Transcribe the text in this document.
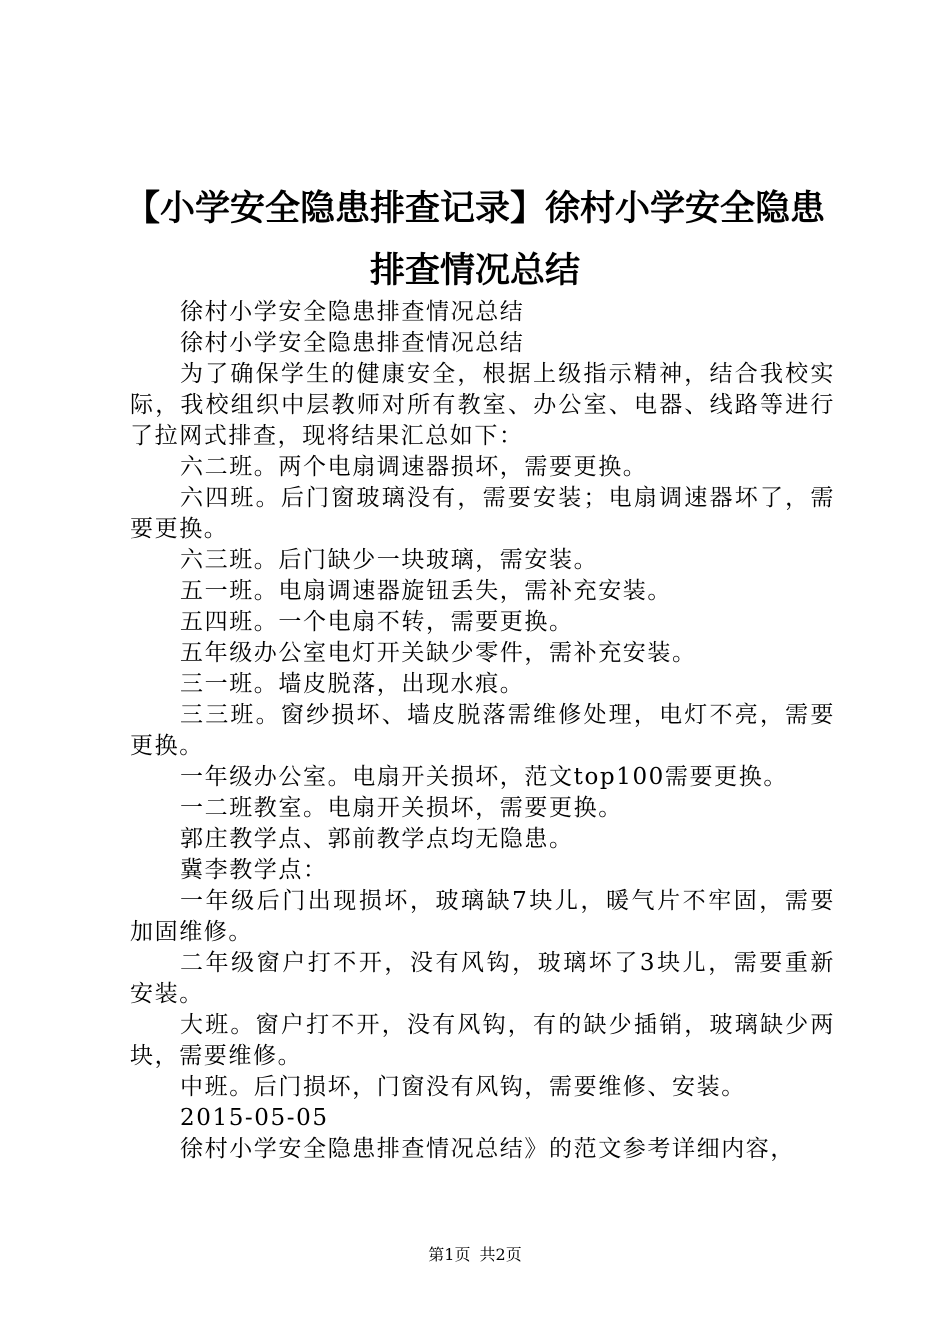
【小学安全隐患排查记录】徐村小学安全隐患排查情况总结

徐村小学安全隐患排查情况总结

徐村小学安全隐患排查情况总结

为了确保学生的健康安全，根据上级指示精神，结合我校实际，我校组织中层教师对所有教室、办公室、电器、线路等进行了拉网式排查，现将结果汇总如下：

六二班。两个电扇调速器损坏，需要更换。

六四班。后门窗玻璃没有，需要安装；电扇调速器坏了，需要更换。

六三班。后门缺少一块玻璃，需安装。

五一班。电扇调速器旋钮丢失，需补充安装。

五四班。一个电扇不转，需要更换。

五年级办公室电灯开关缺少零件，需补充安装。

三一班。墙皮脱落，出现水痕。

三三班。窗纱损坏、墙皮脱落需维修处理，电灯不亮，需要更换。

一年级办公室。电扇开关损坏，范文top100需要更换。

一二班教室。电扇开关损坏，需要更换。

郭庄教学点、郭前教学点均无隐患。

冀李教学点：

一年级后门出现损坏，玻璃缺7块儿，暖气片不牢固，需要加固维修。

二年级窗户打不开，没有风钩，玻璃坏了3块儿，需要重新安装。

大班。窗户打不开，没有风钩，有的缺少插销，玻璃缺少两块，需要维修。

中班。后门损坏，门窗没有风钩，需要维修、安装。

2015-05-05

徐村小学安全隐患排查情况总结》的范文参考详细内容，

第1页 共2页
